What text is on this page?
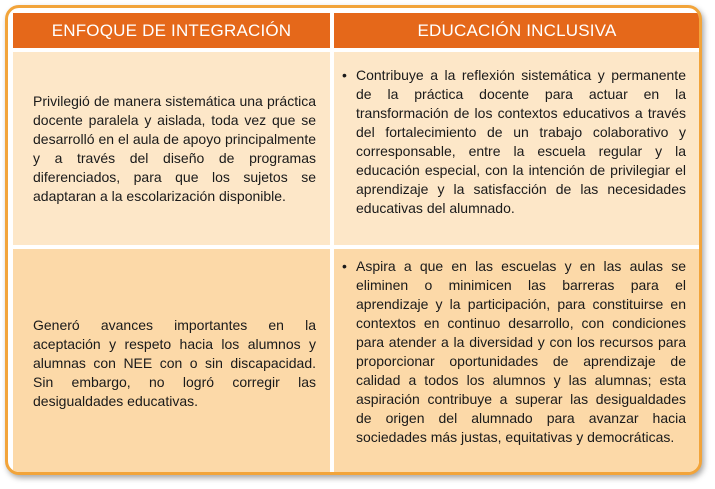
ENFOQUE DE INTEGRACIÓN	EDUCACIÓN INCLUSIVA

Privilegió de manera sistemática una práctica docente paralela y aislada, toda vez que se desarrolló en el aula de apoyo principalmente y a través del diseño de programas diferenciados, para que los sujetos se adaptaran a la escolarización disponible.

• Contribuye a la reflexión sistemática y permanente de la práctica docente para actuar en la transformación de los contextos educativos a través del fortalecimiento de un trabajo colaborativo y corresponsable, entre la escuela regular y la educación especial, con la intención de privilegiar el aprendizaje y la satisfacción de las necesidades educativas del alumnado.

Generó avances importantes en la aceptación y respeto hacia los alumnos y alumnas con NEE con o sin discapacidad. Sin embargo, no logró corregir las desigualdades educativas.

• Aspira a que en las escuelas y en las aulas se eliminen o minimicen las barreras para el aprendizaje y la participación, para constituirse en contextos en continuo desarrollo, con condiciones para atender a la diversidad y con los recursos para proporcionar oportunidades de aprendizaje de calidad a todos los alumnos y las alumnas; esta aspiración contribuye a superar las desigualdades de origen del alumnado para avanzar hacia sociedades más justas, equitativas y democráticas.
